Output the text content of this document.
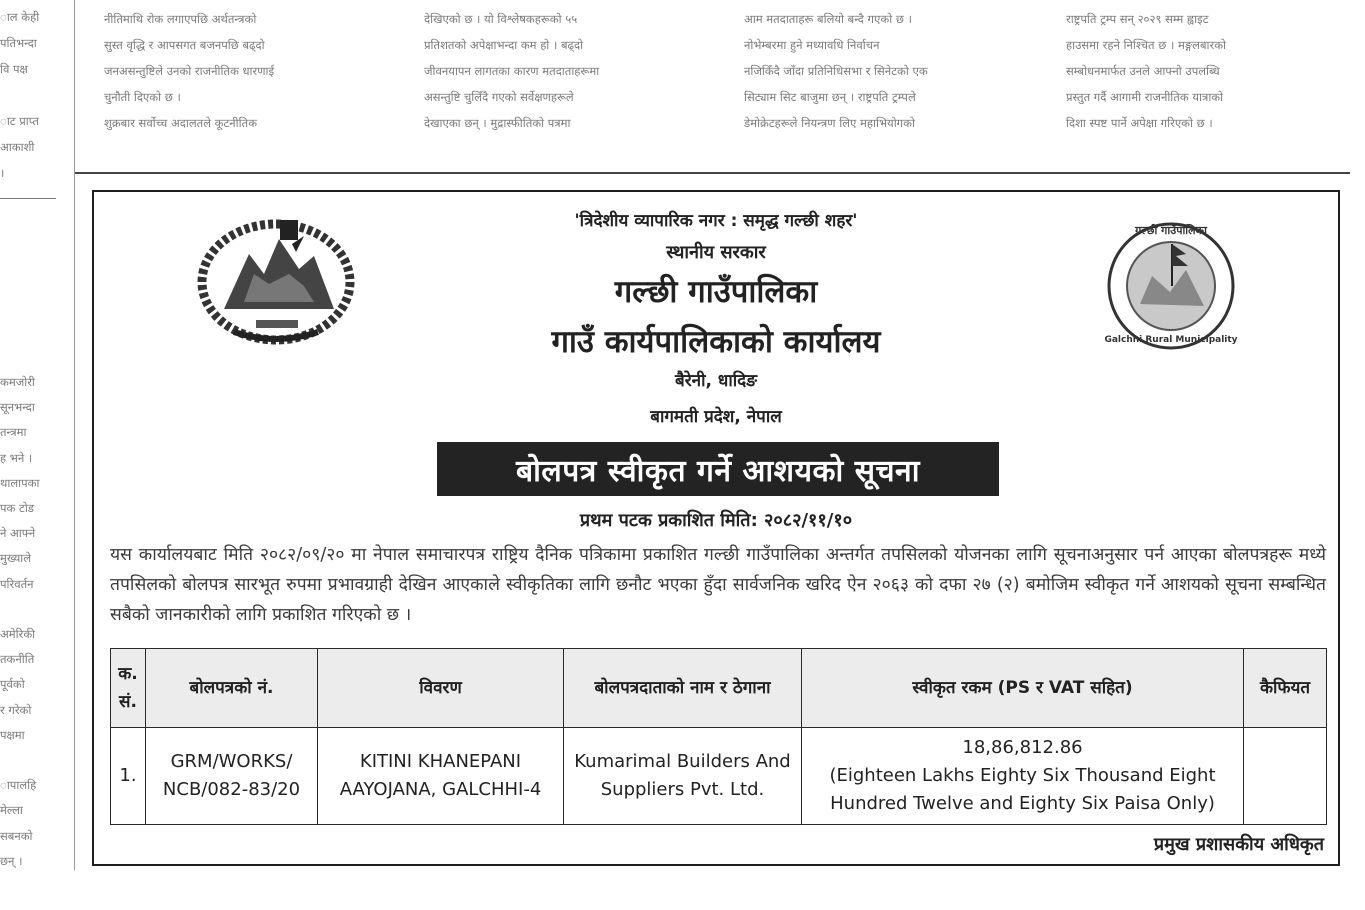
ाल केही
पतिभन्दा
वि पक्ष

ाट प्राप्त
आकाशी
।
कमजोरी
सूनभन्दा
तन्त्रमा
ह भने ।
थालापका
पक टोड
ने आफ्ने
मुख्याले
परिवर्तन

अमेरिकी
तकनीति
पूर्वको
र गरेको
पक्षमा

ापालहि
मेल्ला
सबनको
छन् ।
नीतिमाथि रोक लगाएपछि अर्थतन्त्रको
सुस्त वृद्धि र आपसगत बजनपछि बढ्दो
जनअसन्तुष्टिले उनको राजनीतिक धारणाई
चुनौती दिएको छ ।
शुक्रबार सर्वोच्च अदालतले कूटनीतिक
देखिएको छ । यो विश्लेषकहरूको ५५
प्रतिशतको अपेक्षाभन्दा कम हो । बढ्दो
जीवनयापन लागतका कारण मतदाताहरूमा
असन्तुष्टि चुलिँदै गएको सर्वेक्षणहरूले
देखाएका छन् । मुद्रास्फीतिको पत्रमा
आम मतदाताहरू बलियो बन्दै गएको छ ।
नोभेम्बरमा हुने मध्यावधि निर्वाचन
नजिकिँदै जाँदा प्रतिनिधिसभा र सिनेटको एक
सिट्याम सिट बाजुमा छन् । राष्ट्रपति ट्रम्पले
डेमोक्रेटहरूले नियन्त्रण लिए महाभियोगको
राष्ट्रपति ट्रम्प सन् २०२९ सम्म ह्वाइट
हाउसमा रहने निश्चित छ । मङ्गलबारको
सम्बोधनमार्फत उनले आफ्नो उपलब्धि
प्रस्तुत गर्दै आगामी राजनीतिक यात्राको
दिशा स्पष्ट पार्ने अपेक्षा गरिएको छ ।
'त्रिदेशीय व्यापारिक नगर : समृद्ध गल्छी शहर'
स्थानीय सरकार
गल्छी गाउँपालिका
गाउँ कार्यपालिकाको कार्यालय
बैरेनी, धादिङ
बागमती प्रदेश, नेपाल
गल्छी गाउँपालिका
Galchhi Rural Municipality
बोलपत्र स्वीकृत गर्ने आशयको सूचना
प्रथम पटक प्रकाशित मिति: २०८२/११/१०
यस कार्यालयबाट मिति २०८२/०९/२० मा नेपाल समाचारपत्र राष्ट्रिय दैनिक पत्रिकामा प्रकाशित गल्छी गाउँपालिका अन्तर्गत तपसिलको योजनका लागि सूचनाअनुसार पर्न आएका बोलपत्रहरू मध्ये तपसिलको बोलपत्र सारभूत रुपमा प्रभावग्राही देखिन आएकाले स्वीकृतिका लागि छनौट भएका हुँदा सार्वजनिक खरिद ऐन २०६३ को दफा २७ (२) बमोजिम स्वीकृत गर्ने आशयको सूचना सम्बन्धित सबैको जानकारीको लागि प्रकाशित गरिएको छ ।
क. सं.	बोलपत्रको नं.	विवरण	बोलपत्रदाताको नाम र ठेगाना	स्वीकृत रकम (PS र VAT सहित)	कैफियत
1.	GRM/WORKS/ NCB/082-83/20	KITINI KHANEPANI AAYOJANA, GALCHHI-4	Kumarimal Builders And Suppliers Pvt. Ltd.	18,86,812.86
(Eighteen Lakhs Eighty Six Thousand Eight Hundred Twelve and Eighty Six Paisa Only)	

प्रमुख प्रशासकीय अधिकृत
